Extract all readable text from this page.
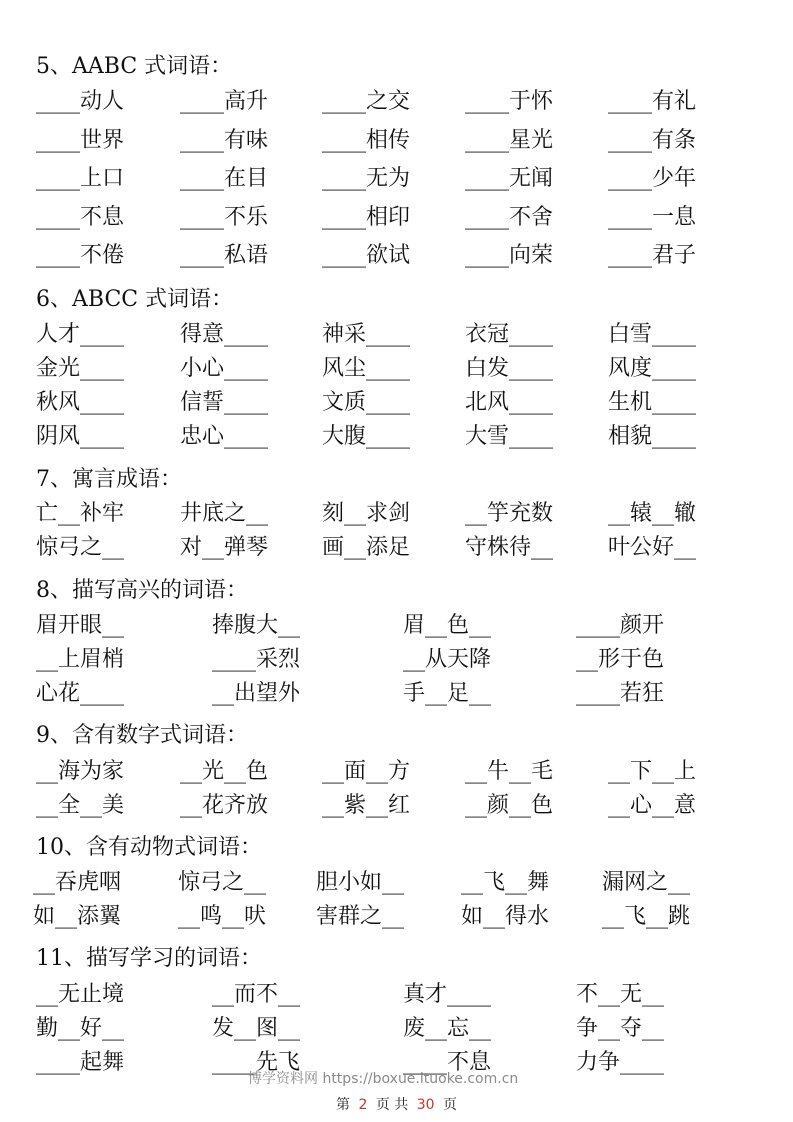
5、AABC 式词语：
____动人	____高升 ____之交 ____于怀 ____有礼
____世界	____有味 ____相传 ____星光 ____有条
____上口	____在目 ____无为 ____无闻 ____少年
____不息	____不乐 ____相印 ____不舍 ____一息
____不倦	____私语 ____欲试 ____向荣 ____君子
6、ABCC 式词语：
人才____	得意____ 神采____ 衣冠____ 白雪____
金光____	小心____ 风尘____ 白发____ 风度____
秋风____	信誓____ 文质____ 北风____ 生机____
阴风____	忠心____ 大腹____ 大雪____ 相貌____
7、寓言成语：
亡__补牢	井底之__ 刻__求剑 __竽充数 __辕__辙
惊弓之__	对__弹琴 画__添足 守株待__ 叶公好__
8、描写高兴的词语：
眉开眼__	捧腹大__	眉__色__	____颜开
__上眉梢	____采烈	__从天降	__形于色
心花____	__出望外	手__足__	____若狂
9、含有数字式词语：
__海为家	__光__色 __面__方 __牛__毛 __下__上
__全__美	__花齐放 __紫__红 __颜__色 __心__意
10、含有动物式词语：
__吞虎咽	惊弓之__ 胆小如__	__飞__舞 漏网之__
如__添翼	__鸣__吠 害群之__	如__得水 __飞__跳
11、描写学习的词语：
__无止境	__而不__	真才____	不__无__
勤__好__	发__图__	废__忘__	争__夺__
____起舞	____先飞	____不息	力争____
博学资料网 https://boxue.ituoke.com.cn
第 2 页 共 30 页
